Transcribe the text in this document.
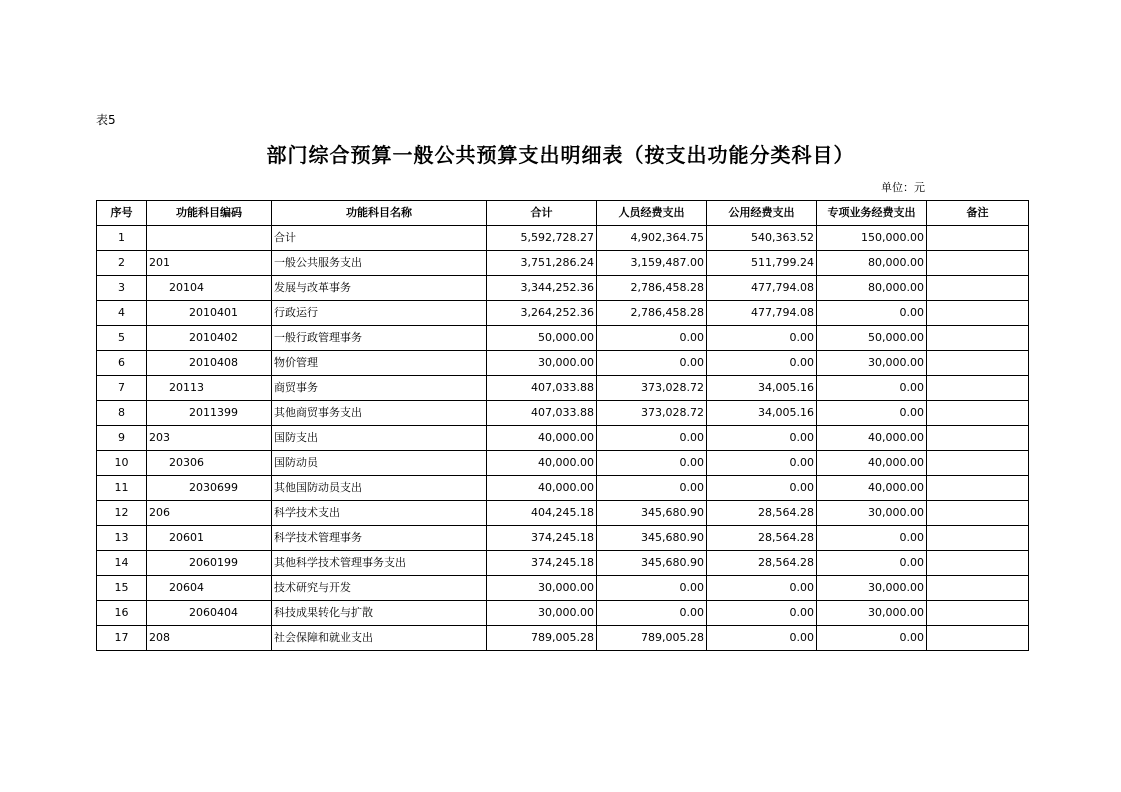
表5
部门综合预算一般公共预算支出明细表（按支出功能分类科目）
单位：元
序号	功能科目编码	功能科目名称	合计	人员经费支出	公用经费支出	专项业务经费支出	备注
1		合计	5,592,728.27	4,902,364.75	540,363.52	150,000.00	
2	201	一般公共服务支出	3,751,286.24	3,159,487.00	511,799.24	80,000.00	
3	20104	发展与改革事务	3,344,252.36	2,786,458.28	477,794.08	80,000.00	
4	2010401	行政运行	3,264,252.36	2,786,458.28	477,794.08	0.00	
5	2010402	一般行政管理事务	50,000.00	0.00	0.00	50,000.00	
6	2010408	物价管理	30,000.00	0.00	0.00	30,000.00	
7	20113	商贸事务	407,033.88	373,028.72	34,005.16	0.00	
8	2011399	其他商贸事务支出	407,033.88	373,028.72	34,005.16	0.00	
9	203	国防支出	40,000.00	0.00	0.00	40,000.00	
10	20306	国防动员	40,000.00	0.00	0.00	40,000.00	
11	2030699	其他国防动员支出	40,000.00	0.00	0.00	40,000.00	
12	206	科学技术支出	404,245.18	345,680.90	28,564.28	30,000.00	
13	20601	科学技术管理事务	374,245.18	345,680.90	28,564.28	0.00	
14	2060199	其他科学技术管理事务支出	374,245.18	345,680.90	28,564.28	0.00	
15	20604	技术研究与开发	30,000.00	0.00	0.00	30,000.00	
16	2060404	科技成果转化与扩散	30,000.00	0.00	0.00	30,000.00	
17	208	社会保障和就业支出	789,005.28	789,005.28	0.00	0.00	
